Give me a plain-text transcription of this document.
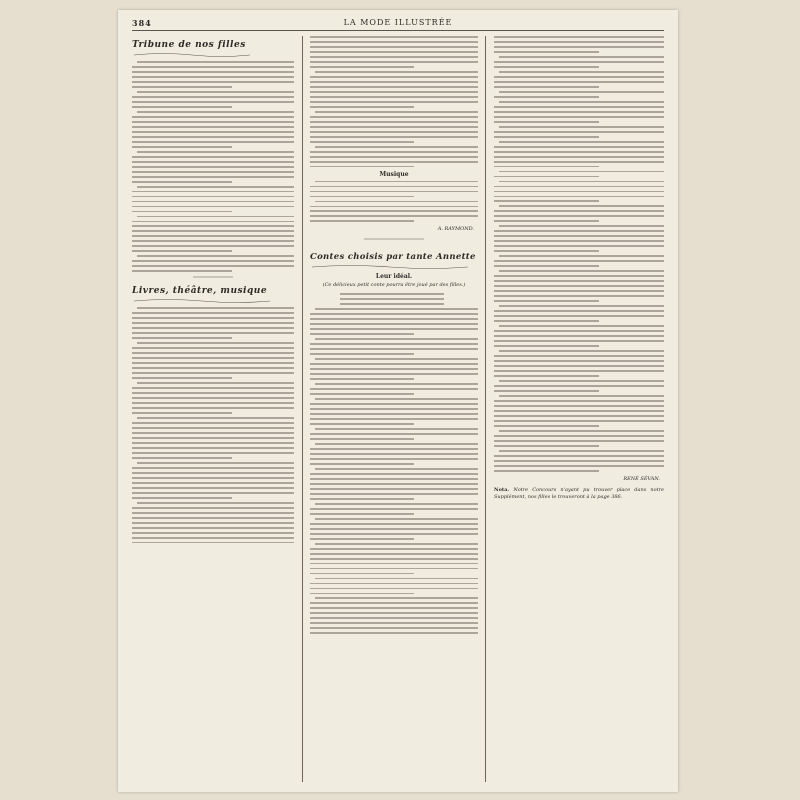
384	LA MODE ILLUSTRÉE
Tribune de nos filles
Livres, théâtre, musique
Musique
A. RAYMOND.
Contes choisis par tante Annette
Leur idéal.
(Ce délicieux petit conte pourra être joué par des filles.)
RENÉ SÉVAN.
Nota. Notre Concours n'ayant pu trouver place dans notre Supplément, nos filles le trouveront à la page 386.
